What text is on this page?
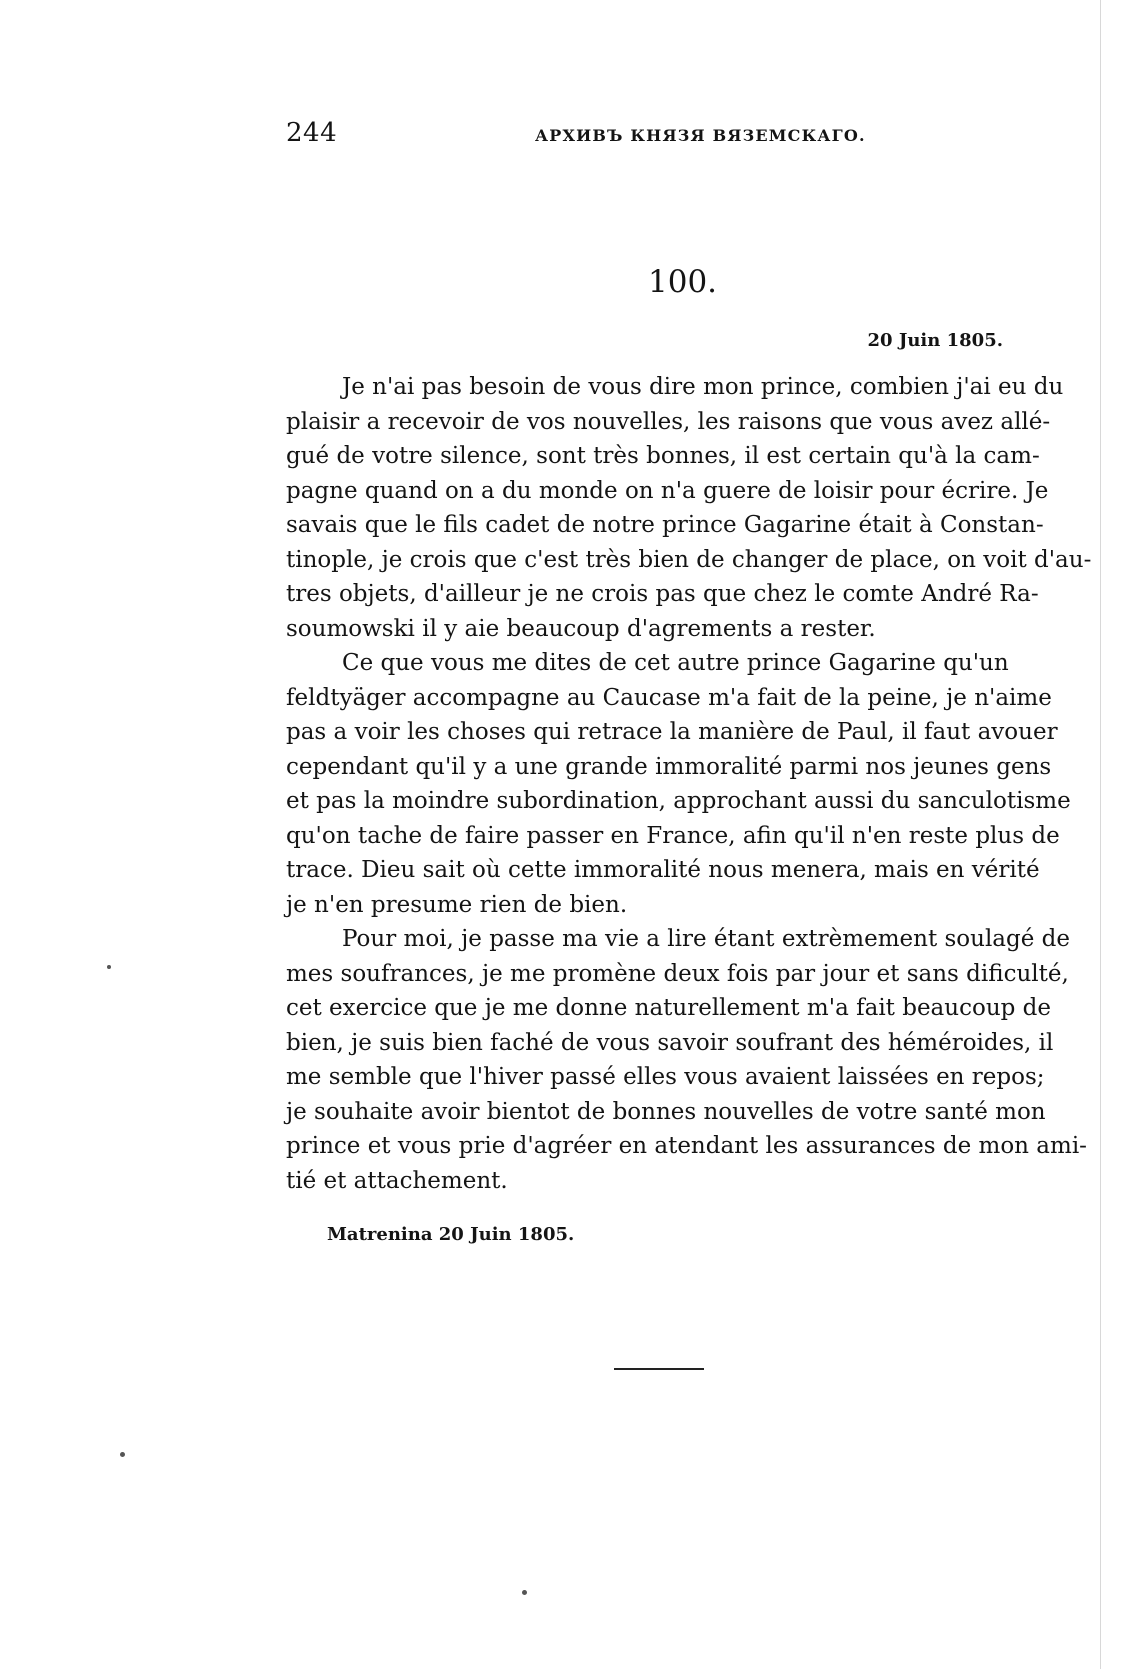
244	АРХИВЪ КНЯЗЯ ВЯЗЕМСКАГО.
100.
20 Juin 1805.
Je n'ai pas besoin de vous dire mon prince, combien j'ai eu du
plaisir a recevoir de vos nouvelles, les raisons que vous avez allé-
gué de votre silence, sont très bonnes, il est certain qu'à la cam-
pagne quand on a du monde on n'a guere de loisir pour écrire. Je
savais que le fils cadet de notre prince Gagarine était à Constan-
tinople, je crois que c'est très bien de changer de place, on voit d'au-
tres objets, d'ailleur je ne crois pas que chez le comte André Ra-
soumowski il y aie beaucoup d'agrements a rester.
Ce que vous me dites de cet autre prince Gagarine qu'un
feldtyäger accompagne au Caucase m'a fait de la peine, je n'aime
pas a voir les choses qui retrace la manière de Paul, il faut avouer
cependant qu'il y a une grande immoralité parmi nos jeunes gens
et pas la moindre subordination, approchant aussi du sanculotisme
qu'on tache de faire passer en France, afin qu'il n'en reste plus de
trace. Dieu sait où cette immoralité nous menera, mais en vérité
je n'en presume rien de bien.
Pour moi, je passe ma vie a lire étant extrèmement soulagé de
mes soufrances, je me promène deux fois par jour et sans dificulté,
cet exercice que je me donne naturellement m'a fait beaucoup de
bien, je suis bien faché de vous savoir soufrant des héméroides, il
me semble que l'hiver passé elles vous avaient laissées en repos;
je souhaite avoir bientot de bonnes nouvelles de votre santé mon
prince et vous prie d'agréer en atendant les assurances de mon ami-
tié et attachement.
Matrenina 20 Juin 1805.
